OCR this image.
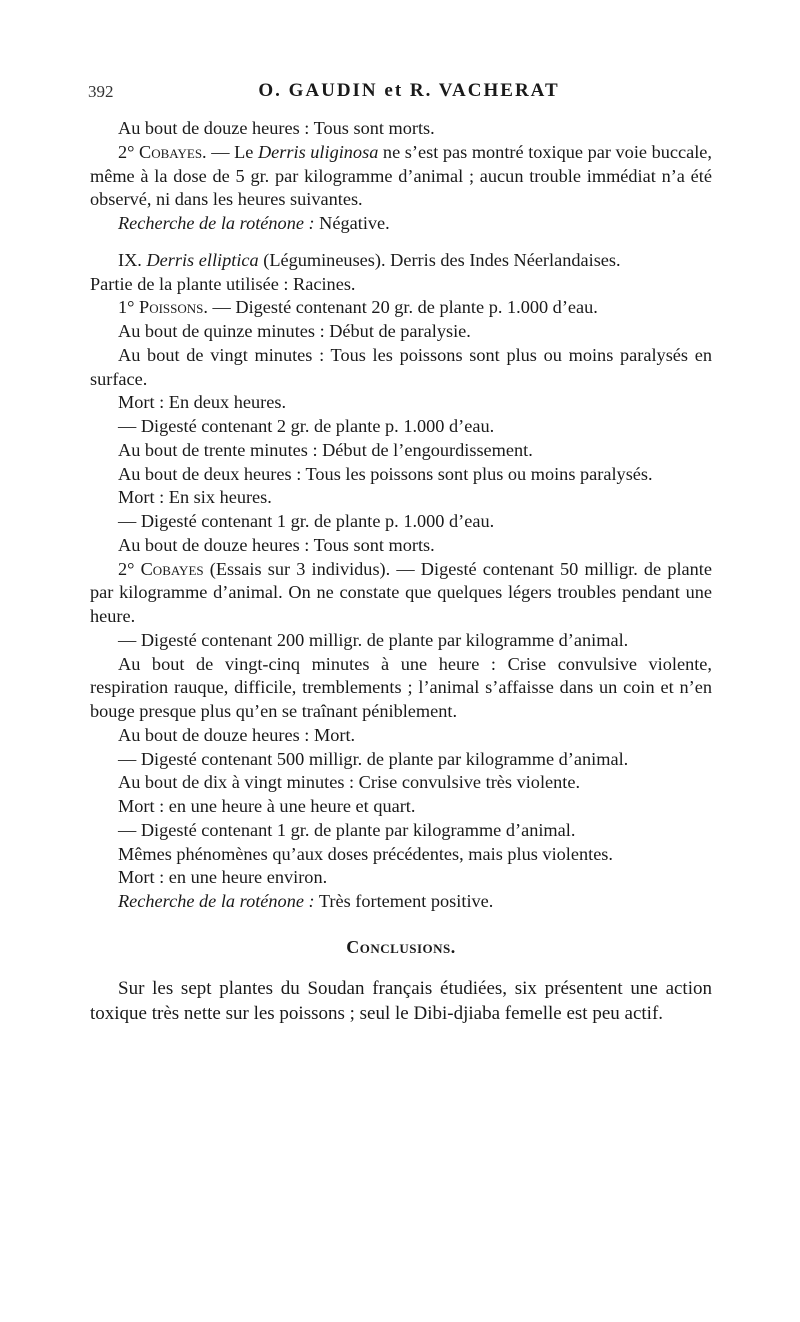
392	O. GAUDIN et R. VACHERAT

Au bout de douze heures : Tous sont morts.

2° Cobayes. — Le Derris uliginosa ne s’est pas montré toxique par voie buccale, même à la dose de 5 gr. par kilogramme d’animal ; aucun trouble immédiat n’a été observé, ni dans les heures suivantes.

Recherche de la roténone : Négative.

IX. Derris elliptica (Légumineuses). Derris des Indes Néerlandaises.

Partie de la plante utilisée : Racines.

1° Poissons. — Digesté contenant 20 gr. de plante p. 1.000 d’eau.

Au bout de quinze minutes : Début de paralysie.

Au bout de vingt minutes : Tous les poissons sont plus ou moins paralysés en surface.

Mort : En deux heures.

— Digesté contenant 2 gr. de plante p. 1.000 d’eau.

Au bout de trente minutes : Début de l’engourdissement.

Au bout de deux heures : Tous les poissons sont plus ou moins paralysés.

Mort : En six heures.

— Digesté contenant 1 gr. de plante p. 1.000 d’eau.

Au bout de douze heures : Tous sont morts.

2° Cobayes (Essais sur 3 individus). — Digesté contenant 50 milligr. de plante par kilogramme d’animal. On ne constate que quelques légers troubles pendant une heure.

— Digesté contenant 200 milligr. de plante par kilogramme d’animal.

Au bout de vingt-cinq minutes à une heure : Crise convulsive violente, respiration rauque, difficile, tremblements ; l’animal s’affaisse dans un coin et n’en bouge presque plus qu’en se traînant péniblement.

Au bout de douze heures : Mort.

— Digesté contenant 500 milligr. de plante par kilogramme d’animal.

Au bout de dix à vingt minutes : Crise convulsive très violente.

Mort : en une heure à une heure et quart.

— Digesté contenant 1 gr. de plante par kilogramme d’animal.

Mêmes phénomènes qu’aux doses précédentes, mais plus violentes.

Mort : en une heure environ.

Recherche de la roténone : Très fortement positive.

Conclusions.

Sur les sept plantes du Soudan français étudiées, six présentent une action toxique très nette sur les poissons ; seul le Dibi-djiaba femelle est peu actif.
